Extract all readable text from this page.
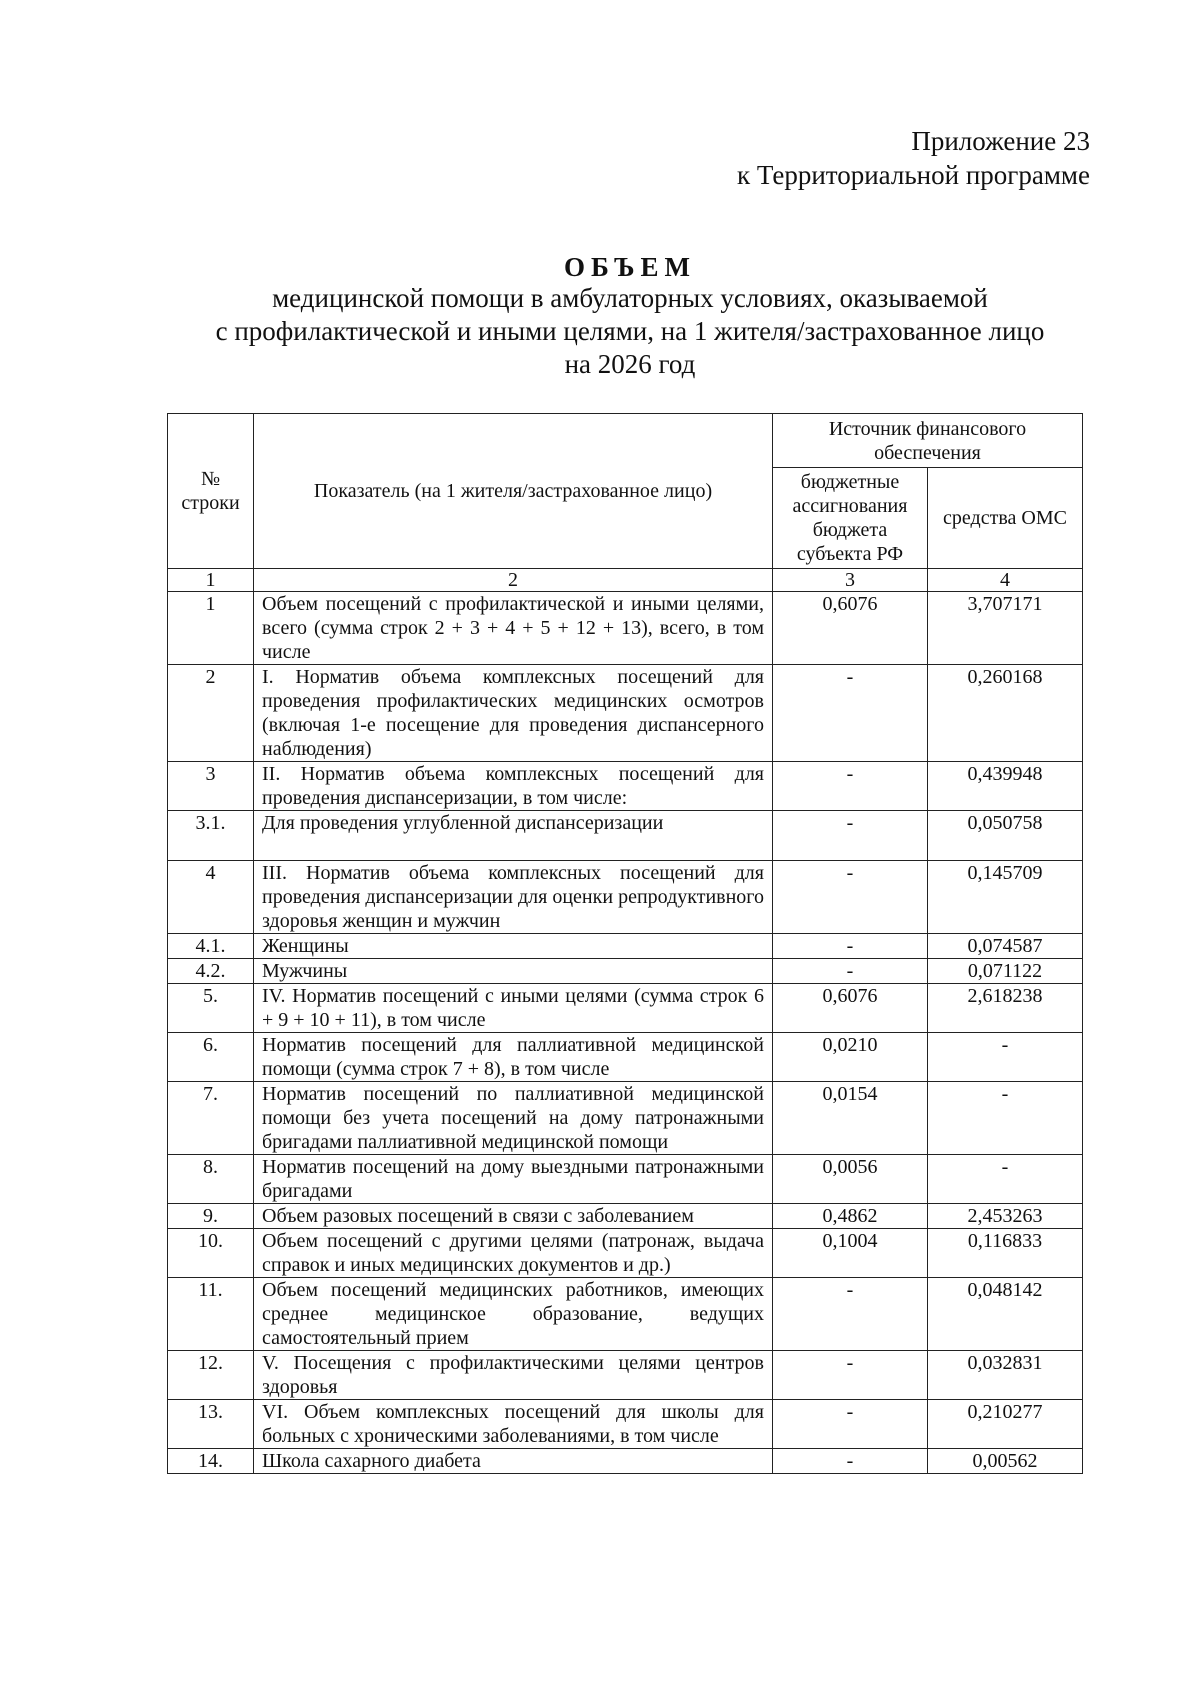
Приложение 23
к Территориальной программе
ОБЪЕМ
медицинской помощи в амбулаторных условиях, оказываемой
с профилактической и иными целями, на 1 жителя/застрахованное лицо
на 2026 год
№ строки	Показатель (на 1 жителя/застрахованное лицо)	Источник финансового обеспечения	
		бюджетные ассигнования бюджета субъекта РФ	средства ОМС
1	2	3	4
1	Объем посещений с профилактической и иными целями, всего (сумма строк 2 + 3 + 4 + 5 + 12 + 13), всего, в том числе	0,6076	3,707171
2	I. Норматив объема комплексных посещений для проведения профилактических медицинских осмотров (включая 1-е посещение для проведения диспансерного наблюдения)	-	0,260168
3	II. Норматив объема комплексных посещений для проведения диспансеризации, в том числе:	-	0,439948
3.1.	Для проведения углубленной диспансеризации	-	0,050758
4	III. Норматив объема комплексных посещений для проведения диспансеризации для оценки репродуктивного здоровья женщин и мужчин	-	0,145709
4.1.	Женщины	-	0,074587
4.2.	Мужчины	-	0,071122
5.	IV. Норматив посещений с иными целями (сумма строк 6 + 9 + 10 + 11), в том числе	0,6076	2,618238
6.	Норматив посещений для паллиативной медицинской помощи (сумма строк 7 + 8), в том числе	0,0210	-
7.	Норматив посещений по паллиативной медицинской помощи без учета посещений на дому патронажными бригадами паллиативной медицинской помощи	0,0154	-
8.	Норматив посещений на дому выездными патронажными бригадами	0,0056	-
9.	Объем разовых посещений в связи с заболеванием	0,4862	2,453263
10.	Объем посещений с другими целями (патронаж, выдача справок и иных медицинских документов и др.)	0,1004	0,116833
11.	Объем посещений медицинских работников, имеющих среднее медицинское образование, ведущих самостоятельный прием	-	0,048142
12.	V. Посещения с профилактическими целями центров здоровья	-	0,032831
13.	VI. Объем комплексных посещений для школы для больных с хроническими заболеваниями, в том числе	-	0,210277
14.	Школа сахарного диабета	-	0,00562
